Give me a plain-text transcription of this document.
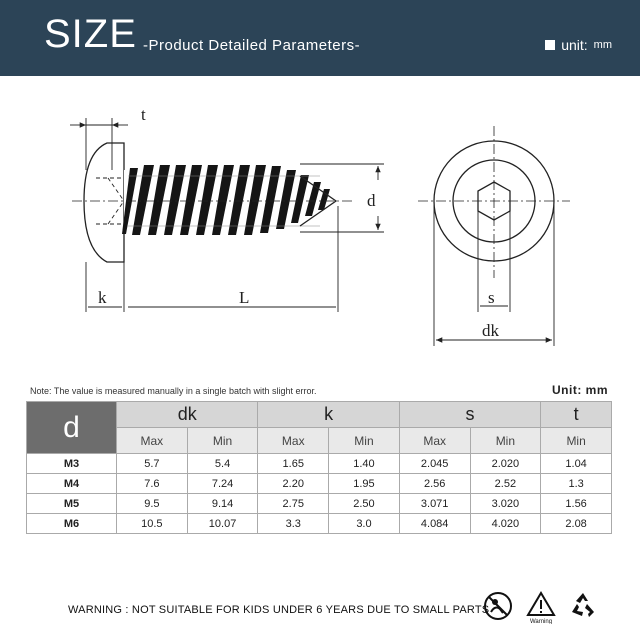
SIZE -Product Detailed Parameters-	unit: mm
t
d
k	L	s
dk
Note: The value is measured manually in a single batch with slight error.	Unit: mm
d	dk		k		s		t
	Max	Min	Max	Min	Max	Min	Min
M3	5.7	5.4	1.65	1.40	2.045	2.020	1.04
M4	7.6	7.24	2.20	1.95	2.56	2.52	1.3
M5	9.5	9.14	2.75	2.50	3.071	3.020	1.56
M6	10.5	10.07	3.3	3.0	4.084	4.020	2.08
WARNING : NOT SUITABLE FOR KIDS UNDER 6 YEARS DUE TO SMALL PARTS
Warning
